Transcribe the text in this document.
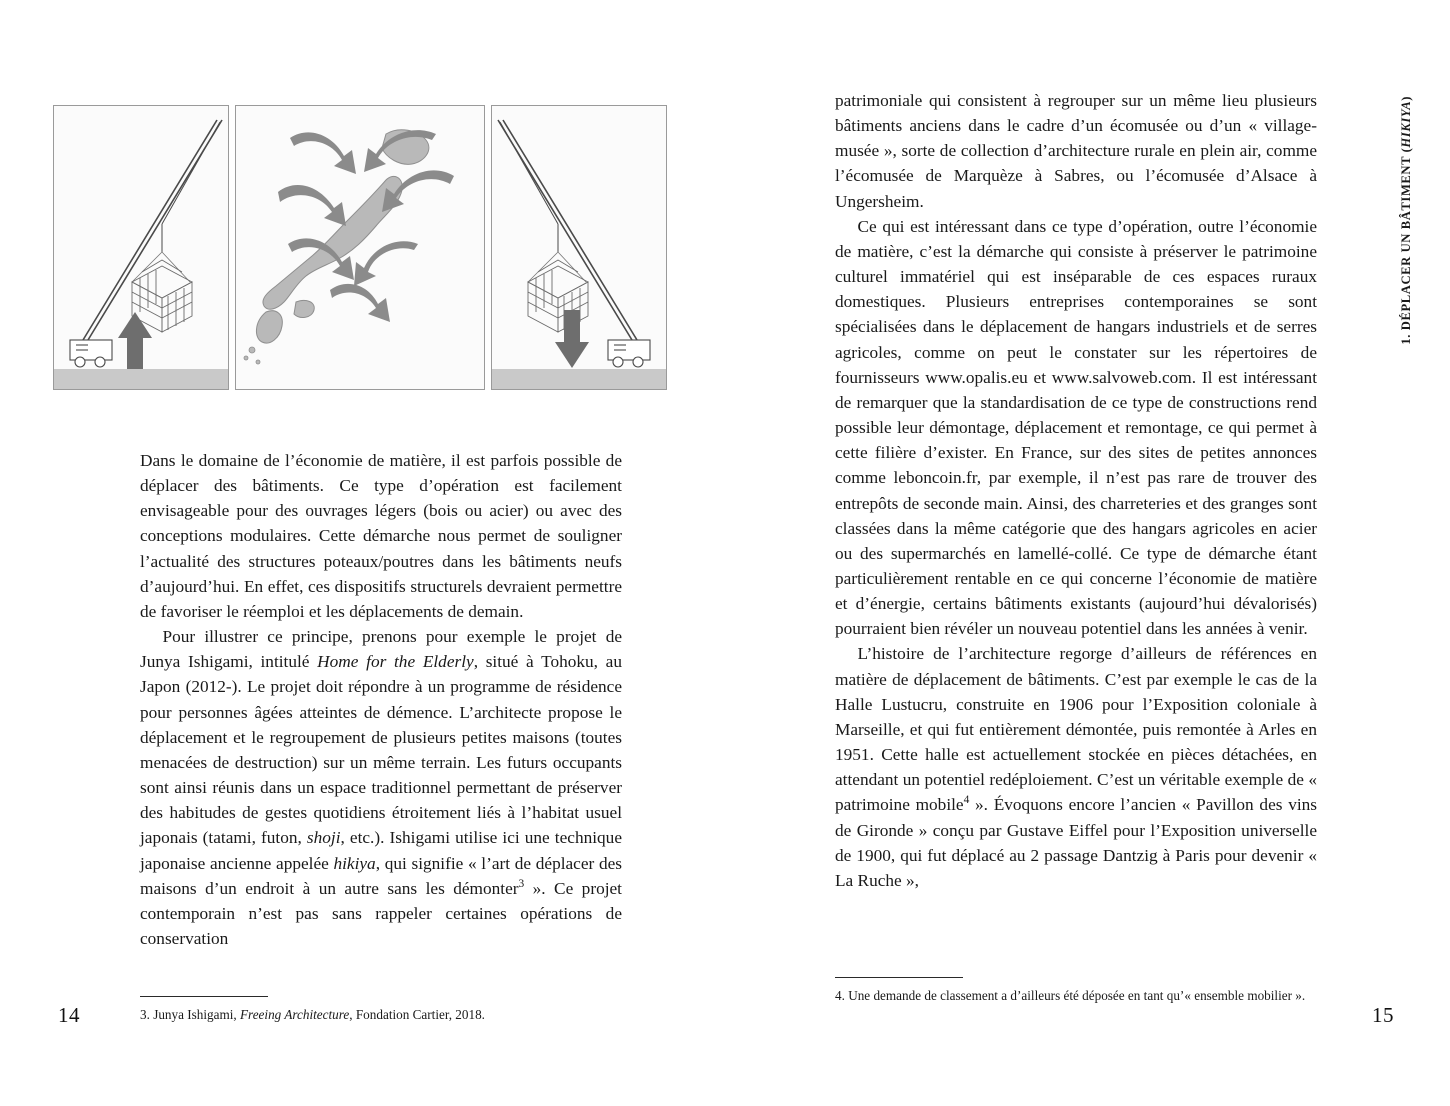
Dans le domaine de l’économie de matière, il est parfois possible de déplacer des bâtiments. Ce type d’opération est facilement envisageable pour des ouvrages légers (bois ou acier) ou avec des conceptions modulaires. Cette démarche nous permet de souligner l’actualité des structures poteaux/poutres dans les bâtiments neufs d’aujourd’hui. En effet, ces dispositifs structurels devraient permettre de favoriser le réemploi et les déplacements de demain.

Pour illustrer ce principe, prenons pour exemple le projet de Junya Ishigami, intitulé Home for the Elderly, situé à Tohoku, au Japon (2012-). Le projet doit répondre à un programme de résidence pour personnes âgées atteintes de démence. L’architecte propose le déplacement et le regroupement de plusieurs petites maisons (toutes menacées de destruction) sur un même terrain. Les futurs occupants sont ainsi réunis dans un espace traditionnel permettant de préserver des habitudes de gestes quotidiens étroitement liés à l’habitat usuel japonais (tatami, futon, shoji, etc.). Ishigami utilise ici une technique japonaise ancienne appelée hikiya, qui signifie « l’art de déplacer des maisons d’un endroit à un autre sans les démonter$^3$ ». Ce projet contemporain n’est pas sans rappeler certaines opérations de conservation

3. Junya Ishigami, Freeing Architecture, Fondation Cartier, 2018.
14
1. DÉPLACER UN BÂTIMENT (HIKIYA)

patrimoniale qui consistent à regrouper sur un même lieu plusieurs bâtiments anciens dans le cadre d’un écomusée ou d’un « village-musée », sorte de collection d’architecture rurale en plein air, comme l’écomusée de Marquèze à Sabres, ou l’écomusée d’Alsace à Ungersheim.

Ce qui est intéressant dans ce type d’opération, outre l’économie de matière, c’est la démarche qui consiste à préserver le patrimoine culturel immatériel qui est inséparable de ces espaces ruraux domestiques. Plusieurs entreprises contemporaines se sont spécialisées dans le déplacement de hangars industriels et de serres agricoles, comme on peut le constater sur les répertoires de fournisseurs www.opalis.eu et www.salvoweb.com. Il est intéressant de remarquer que la standardisation de ce type de constructions rend possible leur démontage, déplacement et remontage, ce qui permet à cette filière d’exister. En France, sur des sites de petites annonces comme leboncoin.fr, par exemple, il n’est pas rare de trouver des entrepôts de seconde main. Ainsi, des charreteries et des granges sont classées dans la même catégorie que des hangars agricoles en acier ou des supermarchés en lamellé-collé. Ce type de démarche étant particulièrement rentable en ce qui concerne l’économie de matière et d’énergie, certains bâtiments existants (aujourd’hui dévalorisés) pourraient bien révéler un nouveau potentiel dans les années à venir.

L’histoire de l’architecture regorge d’ailleurs de références en matière de déplacement de bâtiments. C’est par exemple le cas de la Halle Lustucru, construite en 1906 pour l’Exposition coloniale à Marseille, et qui fut entièrement démontée, puis remontée à Arles en 1951. Cette halle est actuellement stockée en pièces détachées, en attendant un potentiel redéploiement. C’est un véritable exemple de « patrimoine mobile$^4$ ». Évoquons encore l’ancien « Pavillon des vins de Gironde » conçu par Gustave Eiffel pour l’Exposition universelle de 1900, qui fut déplacé au 2 passage Dantzig à Paris pour devenir « La Ruche »,

4. Une demande de classement a d’ailleurs été déposée en tant qu’« ensemble mobilier ».
15
